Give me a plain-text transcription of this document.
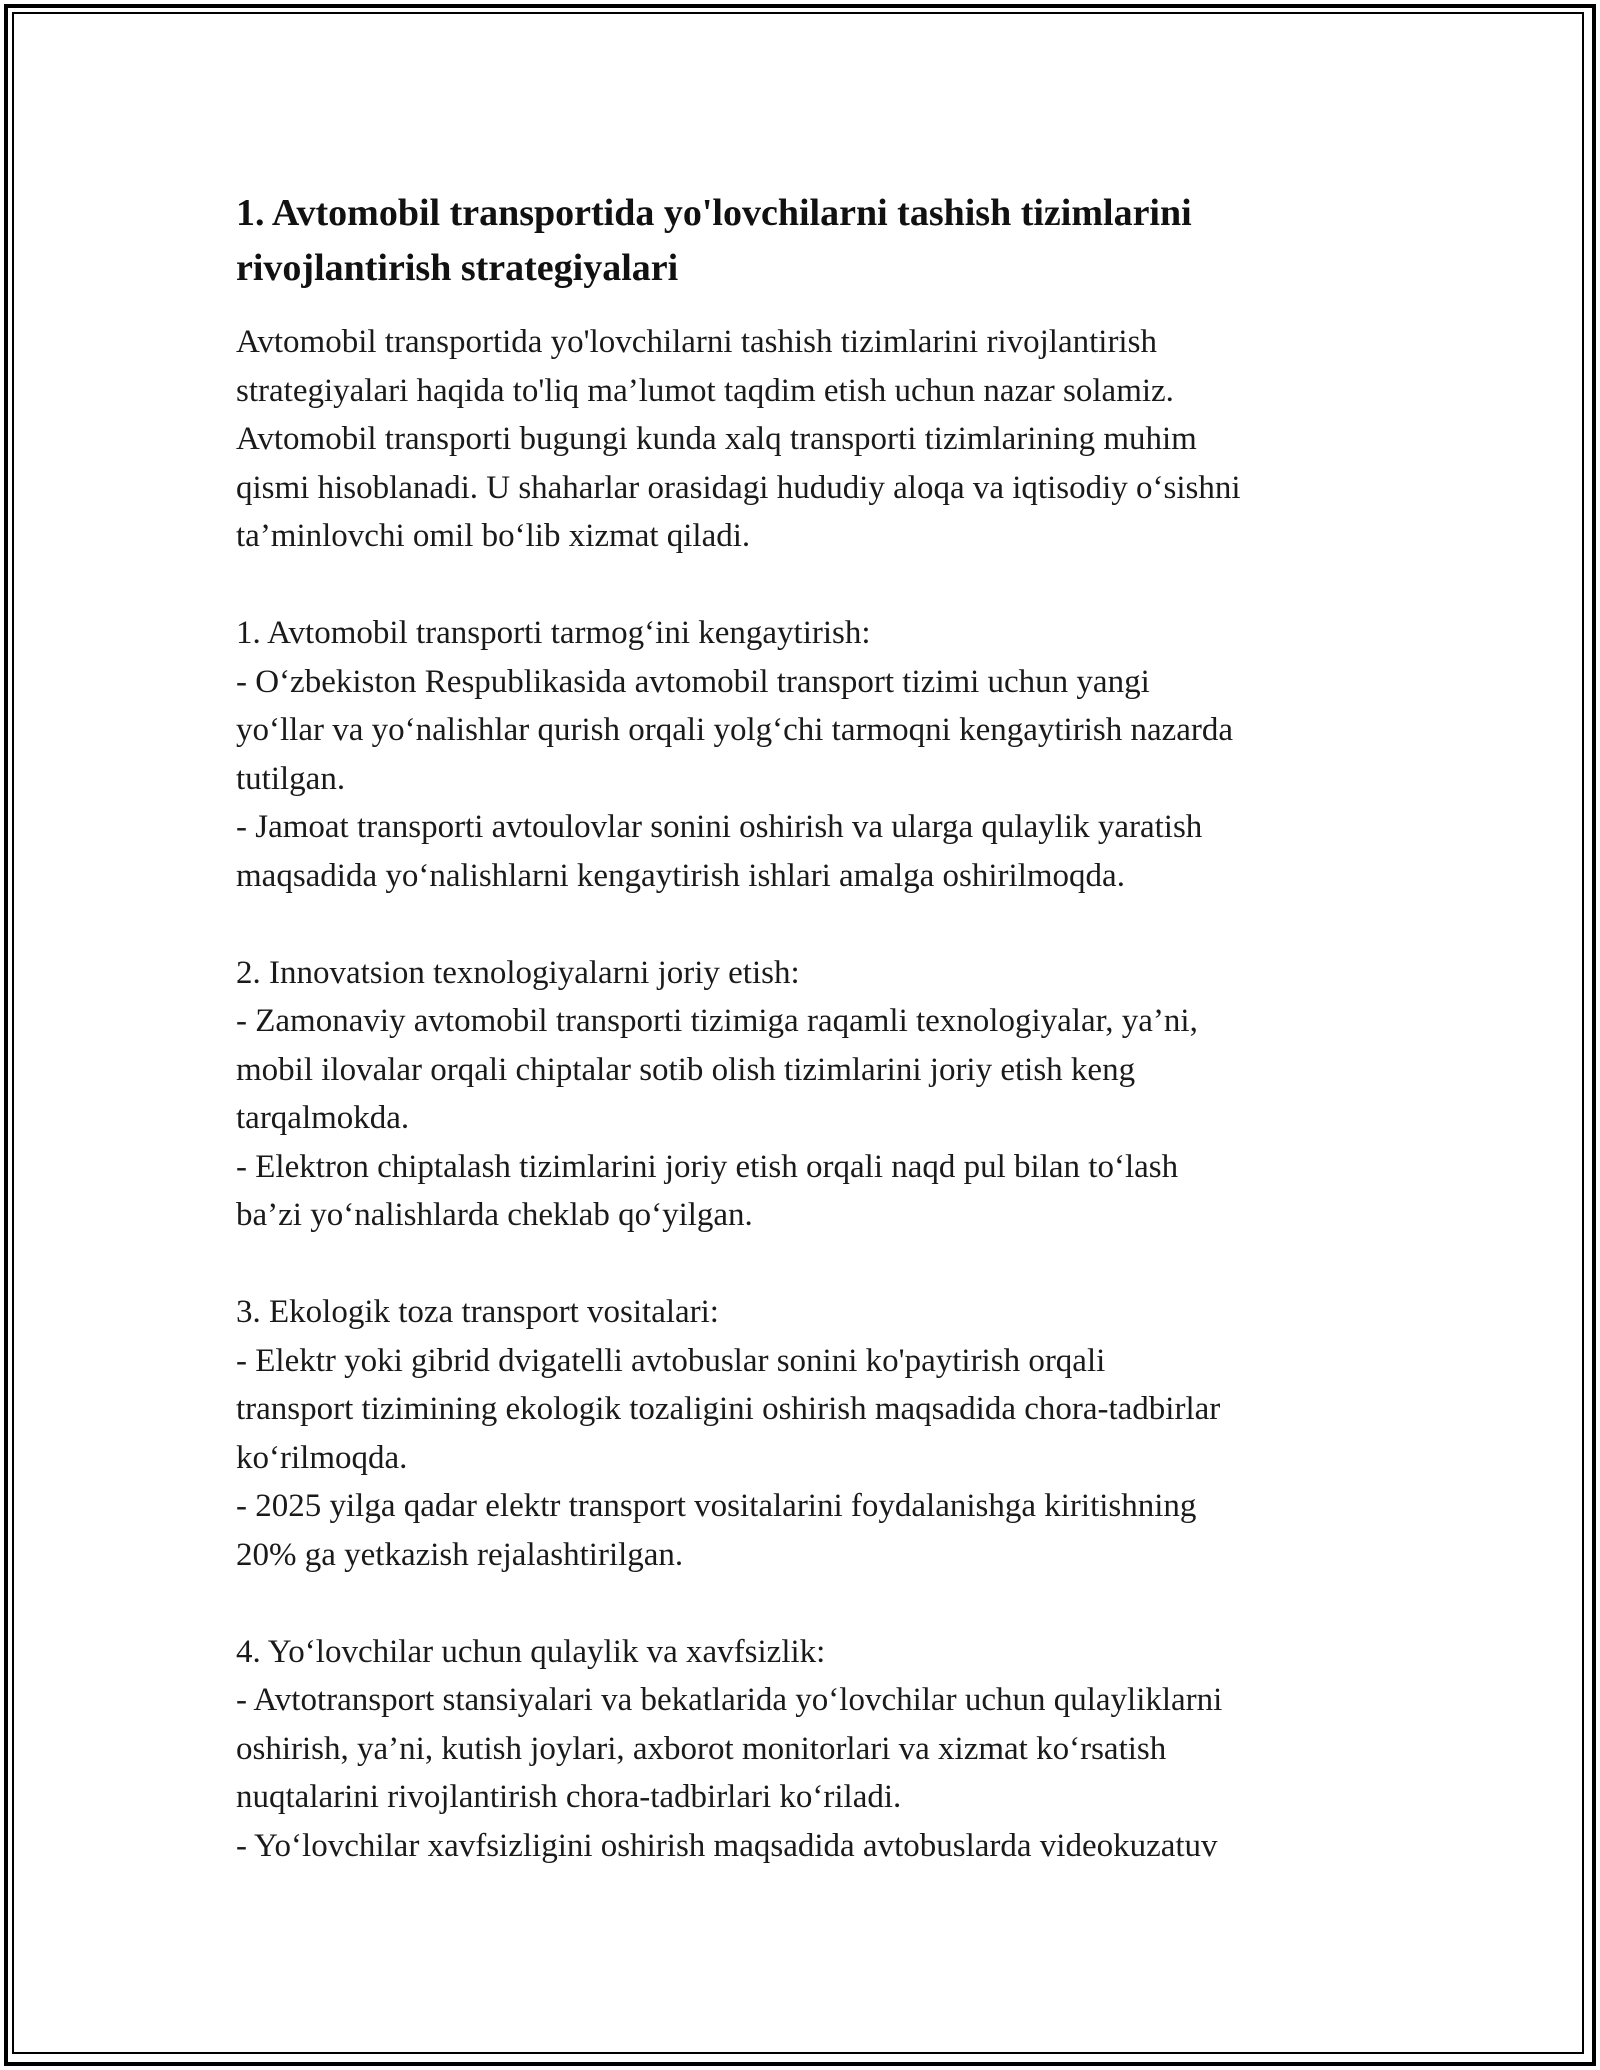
1. Avtomobil transportida yo'lovchilarni tashish tizimlarini
rivojlantirish strategiyalari

Avtomobil transportida yo'lovchilarni tashish tizimlarini rivojlantirish
strategiyalari haqida to'liq ma’lumot taqdim etish uchun nazar solamiz.
Avtomobil transporti bugungi kunda xalq transporti tizimlarining muhim
qismi hisoblanadi. U shaharlar orasidagi hududiy aloqa va iqtisodiy o‘sishni
ta’minlovchi omil bo‘lib xizmat qiladi.

1. Avtomobil transporti tarmog‘ini kengaytirish:

- O‘zbekiston Respublikasida avtomobil transport tizimi uchun yangi
yo‘llar va yo‘nalishlar qurish orqali yolg‘chi tarmoqni kengaytirish nazarda
tutilgan.

- Jamoat transporti avtoulovlar sonini oshirish va ularga qulaylik yaratish
maqsadida yo‘nalishlarni kengaytirish ishlari amalga oshirilmoqda.

2. Innovatsion texnologiyalarni joriy etish:

- Zamonaviy avtomobil transporti tizimiga raqamli texnologiyalar, ya’ni,
mobil ilovalar orqali chiptalar sotib olish tizimlarini joriy etish keng
tarqalmokda.

- Elektron chiptalash tizimlarini joriy etish orqali naqd pul bilan to‘lash
ba’zi yo‘nalishlarda cheklab qo‘yilgan.

3. Ekologik toza transport vositalari:

- Elektr yoki gibrid dvigatelli avtobuslar sonini ko'paytirish orqali
transport tizimining ekologik tozaligini oshirish maqsadida chora-tadbirlar
ko‘rilmoqda.

- 2025 yilga qadar elektr transport vositalarini foydalanishga kiritishning
20% ga yetkazish rejalashtirilgan.

4. Yo‘lovchilar uchun qulaylik va xavfsizlik:

- Avtotransport stansiyalari va bekatlarida yo‘lovchilar uchun qulayliklarni
oshirish, ya’ni, kutish joylari, axborot monitorlari va xizmat ko‘rsatish
nuqtalarini rivojlantirish chora-tadbirlari ko‘riladi.

- Yo‘lovchilar xavfsizligini oshirish maqsadida avtobuslarda videokuzatuv
